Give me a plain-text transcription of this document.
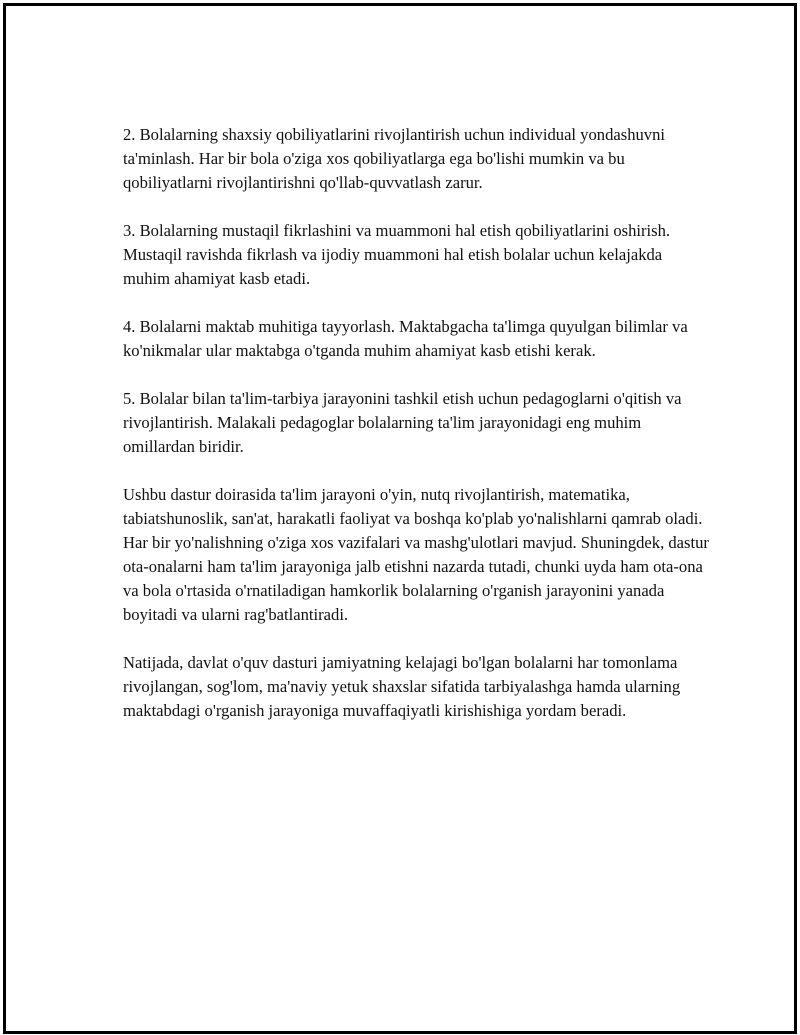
2. Bolalarning shaxsiy qobiliyatlarini rivojlantirish uchun individual yondashuvni ta'minlash. Har bir bola o'ziga xos qobiliyatlarga ega bo'lishi mumkin va bu qobiliyatlarni rivojlantirishni qo'llab-quvvatlash zarur.

3. Bolalarning mustaqil fikrlashini va muammoni hal etish qobiliyatlarini oshirish. Mustaqil ravishda fikrlash va ijodiy muammoni hal etish bolalar uchun kelajakda muhim ahamiyat kasb etadi.

4. Bolalarni maktab muhitiga tayyorlash. Maktabgacha ta'limga quyulgan bilimlar va ko'nikmalar ular maktabga o'tganda muhim ahamiyat kasb etishi kerak.

5. Bolalar bilan ta'lim-tarbiya jarayonini tashkil etish uchun pedagoglarni o'qitish va rivojlantirish. Malakali pedagoglar bolalarning ta'lim jarayonidagi eng muhim omillardan biridir.

Ushbu dastur doirasida ta'lim jarayoni o'yin, nutq rivojlantirish, matematika, tabiatshunoslik, san'at, harakatli faoliyat va boshqa ko'plab yo'nalishlarni qamrab oladi. Har bir yo'nalishning o'ziga xos vazifalari va mashg'ulotlari mavjud. Shuningdek, dastur ota-onalarni ham ta'lim jarayoniga jalb etishni nazarda tutadi, chunki uyda ham ota-ona va bola o'rtasida o'rnatiladigan hamkorlik bolalarning o'rganish jarayonini yanada boyitadi va ularni rag'batlantiradi.

Natijada, davlat o'quv dasturi jamiyatning kelajagi bo'lgan bolalarni har tomonlama rivojlangan, sog'lom, ma'naviy yetuk shaxslar sifatida tarbiyalashga hamda ularning maktabdagi o'rganish jarayoniga muvaffaqiyatli kirishishiga yordam beradi.
